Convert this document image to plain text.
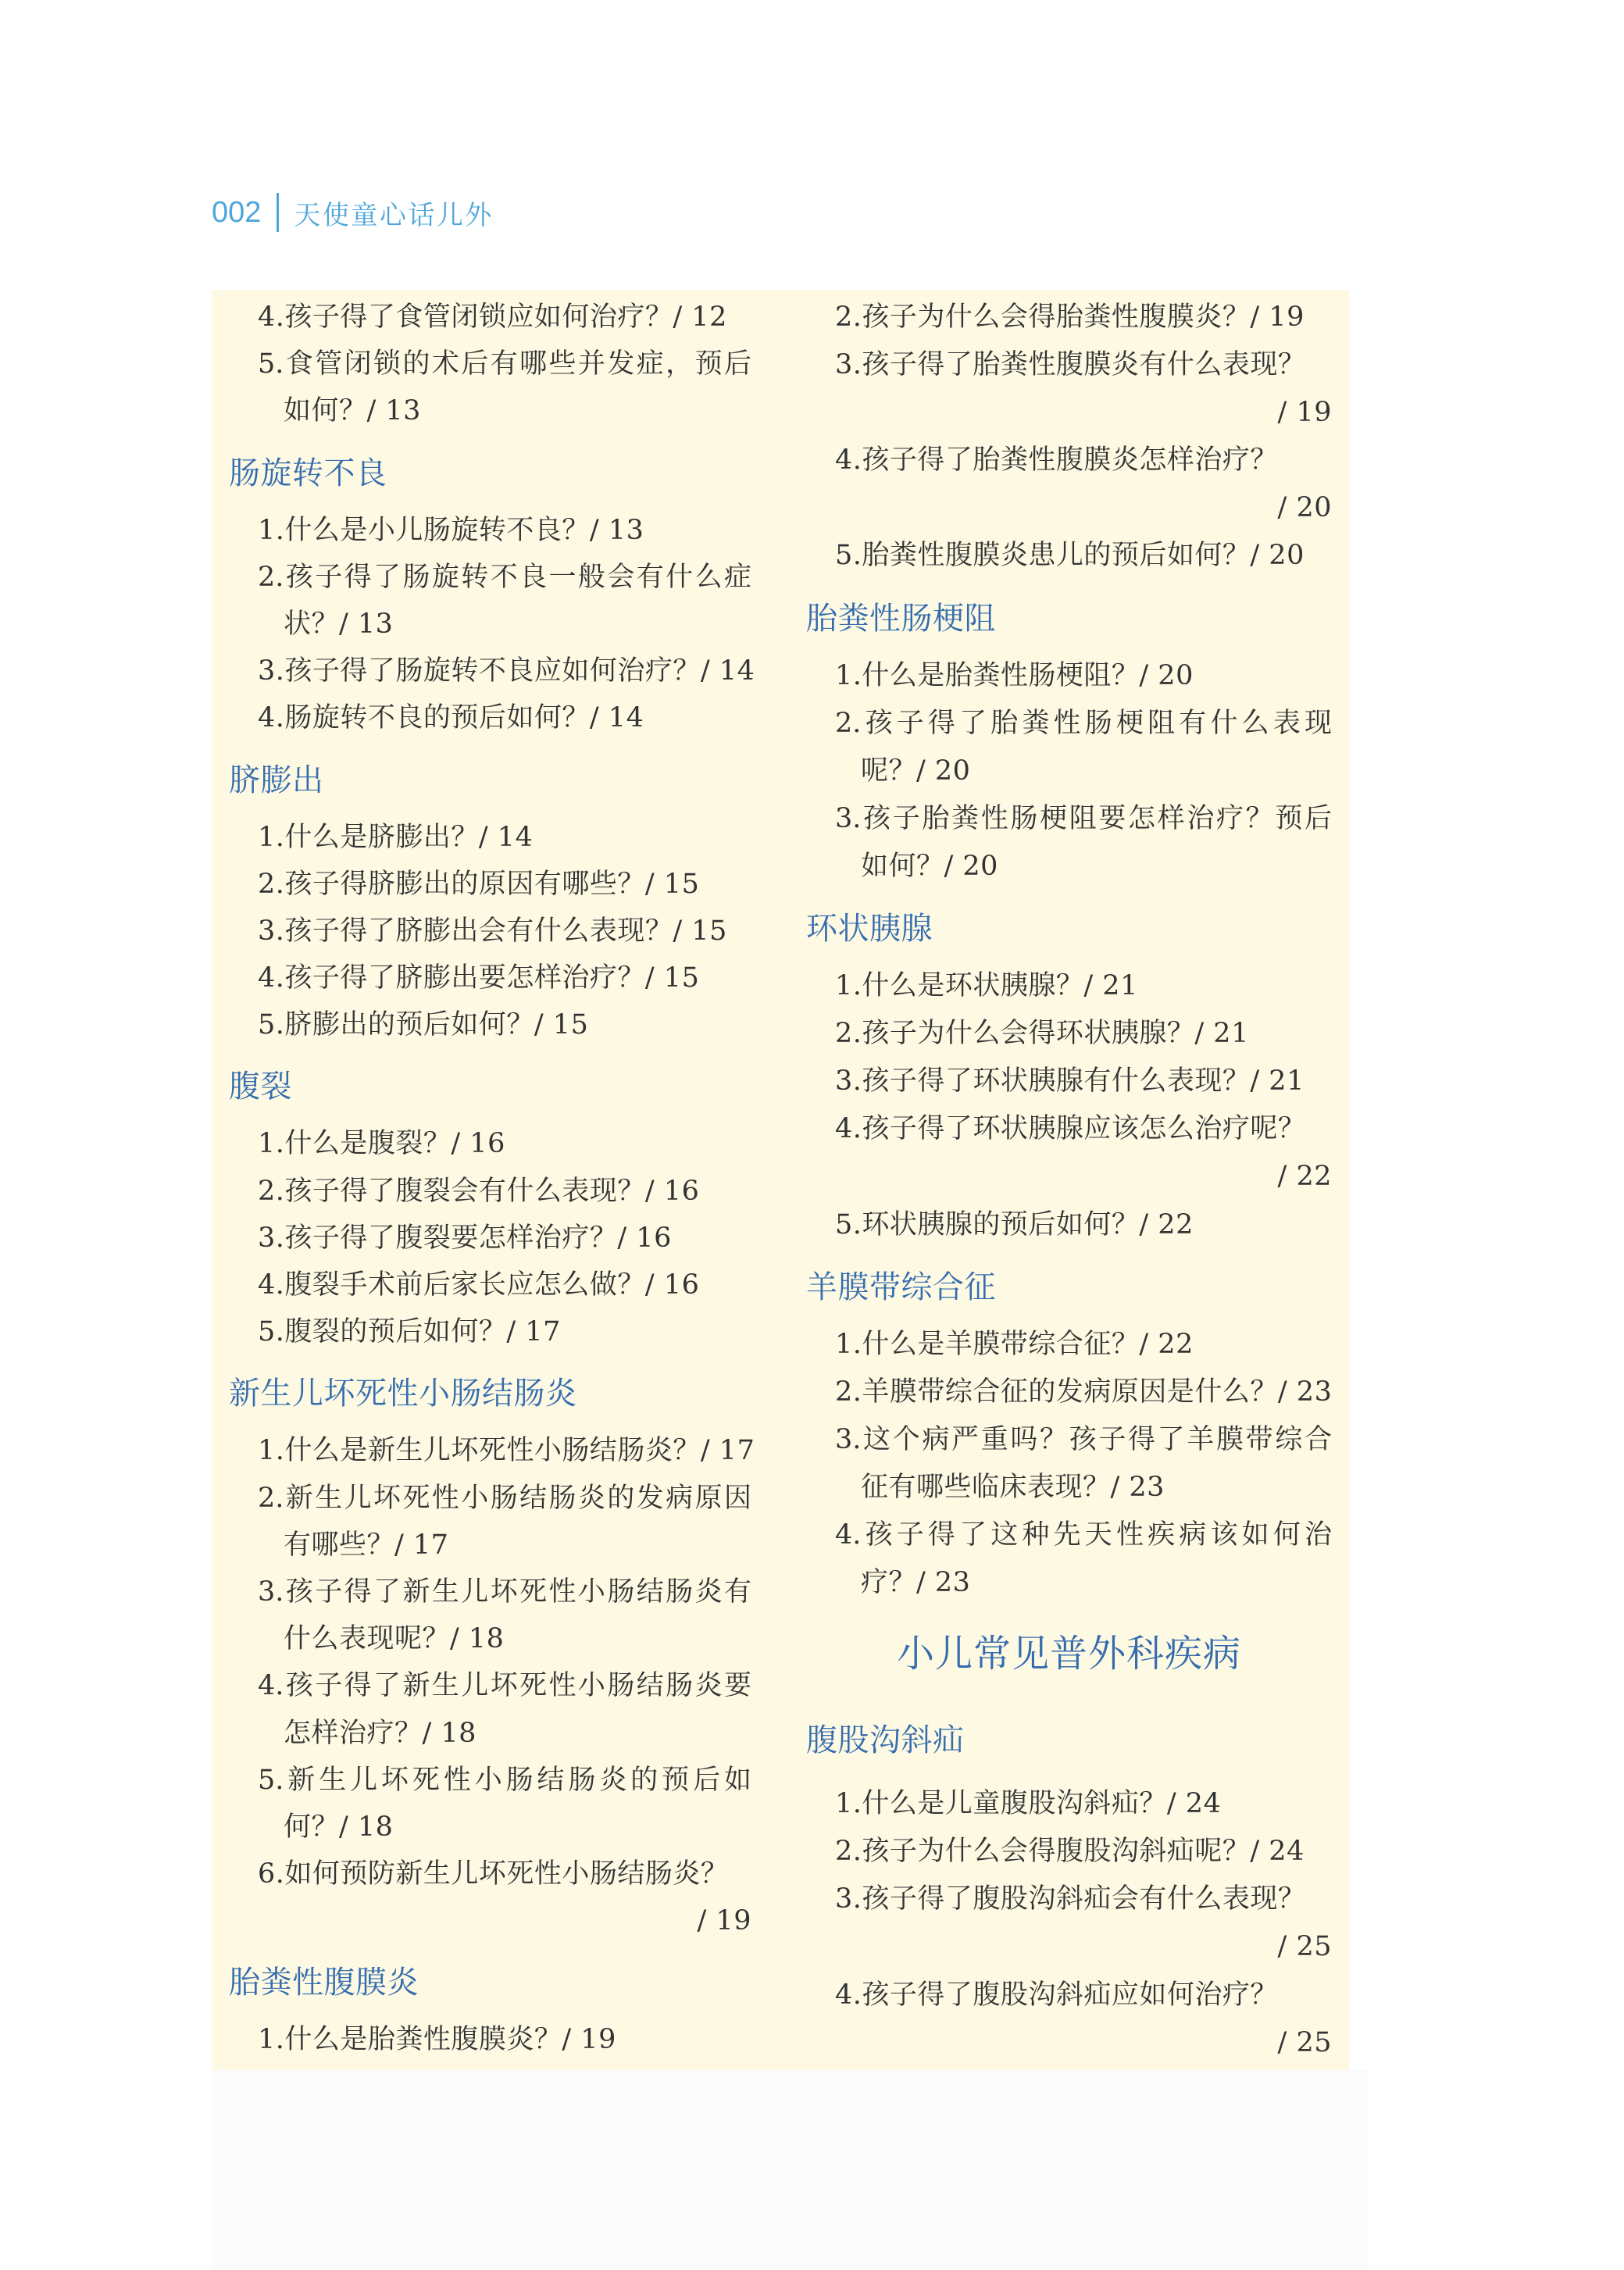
002 天使童心话儿外
4.孩子得了食管闭锁应如何治疗？/ 12
5.食管闭锁的术后有哪些并发症，预后
如何？/ 13
肠旋转不良
1.什么是小儿肠旋转不良？/ 13
2.孩子得了肠旋转不良一般会有什么症
状？/ 13
3.孩子得了肠旋转不良应如何治疗？/ 14
4.肠旋转不良的预后如何？/ 14
脐膨出
1.什么是脐膨出？/ 14
2.孩子得脐膨出的原因有哪些？/ 15
3.孩子得了脐膨出会有什么表现？/ 15
4.孩子得了脐膨出要怎样治疗？/ 15
5.脐膨出的预后如何？/ 15
腹裂
1.什么是腹裂？/ 16
2.孩子得了腹裂会有什么表现？/ 16
3.孩子得了腹裂要怎样治疗？/ 16
4.腹裂手术前后家长应怎么做？/ 16
5.腹裂的预后如何？/ 17
新生儿坏死性小肠结肠炎
1.什么是新生儿坏死性小肠结肠炎？/ 17
2.新生儿坏死性小肠结肠炎的发病原因
有哪些？/ 17
3.孩子得了新生儿坏死性小肠结肠炎有
什么表现呢？/ 18
4.孩子得了新生儿坏死性小肠结肠炎要
怎样治疗？/ 18
5.新生儿坏死性小肠结肠炎的预后如
何？/ 18
6.如何预防新生儿坏死性小肠结肠炎？
/ 19
胎粪性腹膜炎
1.什么是胎粪性腹膜炎？/ 19
2.孩子为什么会得胎粪性腹膜炎？/ 19
3.孩子得了胎粪性腹膜炎有什么表现？
/ 19
4.孩子得了胎粪性腹膜炎怎样治疗？
/ 20
5.胎粪性腹膜炎患儿的预后如何？/ 20
胎粪性肠梗阻
1.什么是胎粪性肠梗阻？/ 20
2.孩子得了胎粪性肠梗阻有什么表现
呢？/ 20
3.孩子胎粪性肠梗阻要怎样治疗？预后
如何？/ 20
环状胰腺
1.什么是环状胰腺？/ 21
2.孩子为什么会得环状胰腺？/ 21
3.孩子得了环状胰腺有什么表现？/ 21
4.孩子得了环状胰腺应该怎么治疗呢？
/ 22
5.环状胰腺的预后如何？/ 22
羊膜带综合征
1.什么是羊膜带综合征？/ 22
2.羊膜带综合征的发病原因是什么？/ 23
3.这个病严重吗？孩子得了羊膜带综合
征有哪些临床表现？/ 23
4.孩子得了这种先天性疾病该如何治
疗？/ 23
小儿常见普外科疾病
腹股沟斜疝
1.什么是儿童腹股沟斜疝？/ 24
2.孩子为什么会得腹股沟斜疝呢？/ 24
3.孩子得了腹股沟斜疝会有什么表现？
/ 25
4.孩子得了腹股沟斜疝应如何治疗？
/ 25
